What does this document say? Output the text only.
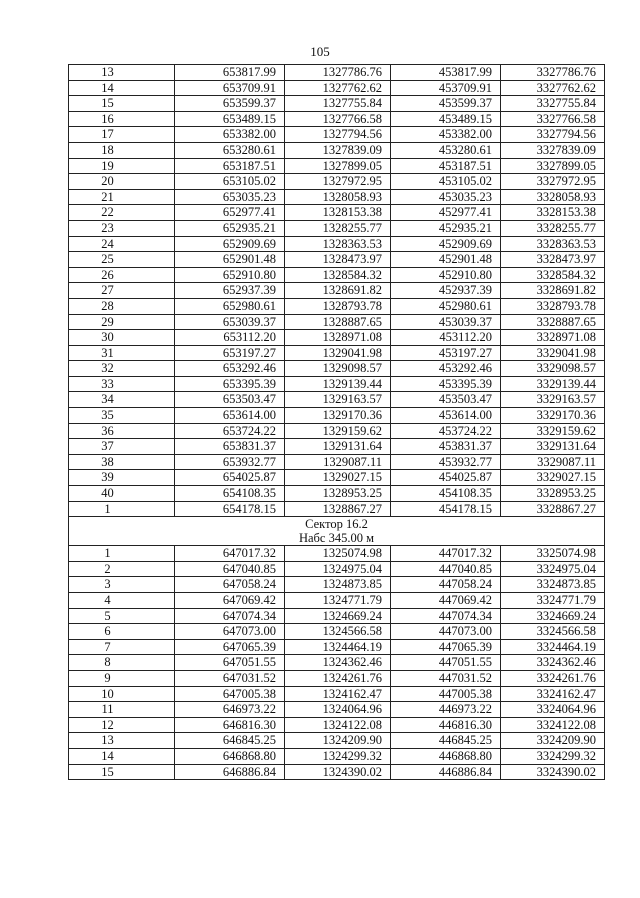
105
13	653817.99	1327786.76	453817.99	3327786.76
14	653709.91	1327762.62	453709.91	3327762.62
15	653599.37	1327755.84	453599.37	3327755.84
16	653489.15	1327766.58	453489.15	3327766.58
17	653382.00	1327794.56	453382.00	3327794.56
18	653280.61	1327839.09	453280.61	3327839.09
19	653187.51	1327899.05	453187.51	3327899.05
20	653105.02	1327972.95	453105.02	3327972.95
21	653035.23	1328058.93	453035.23	3328058.93
22	652977.41	1328153.38	452977.41	3328153.38
23	652935.21	1328255.77	452935.21	3328255.77
24	652909.69	1328363.53	452909.69	3328363.53
25	652901.48	1328473.97	452901.48	3328473.97
26	652910.80	1328584.32	452910.80	3328584.32
27	652937.39	1328691.82	452937.39	3328691.82
28	652980.61	1328793.78	452980.61	3328793.78
29	653039.37	1328887.65	453039.37	3328887.65
30	653112.20	1328971.08	453112.20	3328971.08
31	653197.27	1329041.98	453197.27	3329041.98
32	653292.46	1329098.57	453292.46	3329098.57
33	653395.39	1329139.44	453395.39	3329139.44
34	653503.47	1329163.57	453503.47	3329163.57
35	653614.00	1329170.36	453614.00	3329170.36
36	653724.22	1329159.62	453724.22	3329159.62
37	653831.37	1329131.64	453831.37	3329131.64
38	653932.77	1329087.11	453932.77	3329087.11
39	654025.87	1329027.15	454025.87	3329027.15
40	654108.35	1328953.25	454108.35	3328953.25
1	654178.15	1328867.27	454178.15	3328867.27

Сектор 16.2
Набс 345.00 м				

1	647017.32	1325074.98	447017.32	3325074.98
2	647040.85	1324975.04	447040.85	3324975.04
3	647058.24	1324873.85	447058.24	3324873.85
4	647069.42	1324771.79	447069.42	3324771.79
5	647074.34	1324669.24	447074.34	3324669.24
6	647073.00	1324566.58	447073.00	3324566.58
7	647065.39	1324464.19	447065.39	3324464.19
8	647051.55	1324362.46	447051.55	3324362.46
9	647031.52	1324261.76	447031.52	3324261.76
10	647005.38	1324162.47	447005.38	3324162.47
11	646973.22	1324064.96	446973.22	3324064.96
12	646816.30	1324122.08	446816.30	3324122.08
13	646845.25	1324209.90	446845.25	3324209.90
14	646868.80	1324299.32	446868.80	3324299.32
15	646886.84	1324390.02	446886.84	3324390.02
